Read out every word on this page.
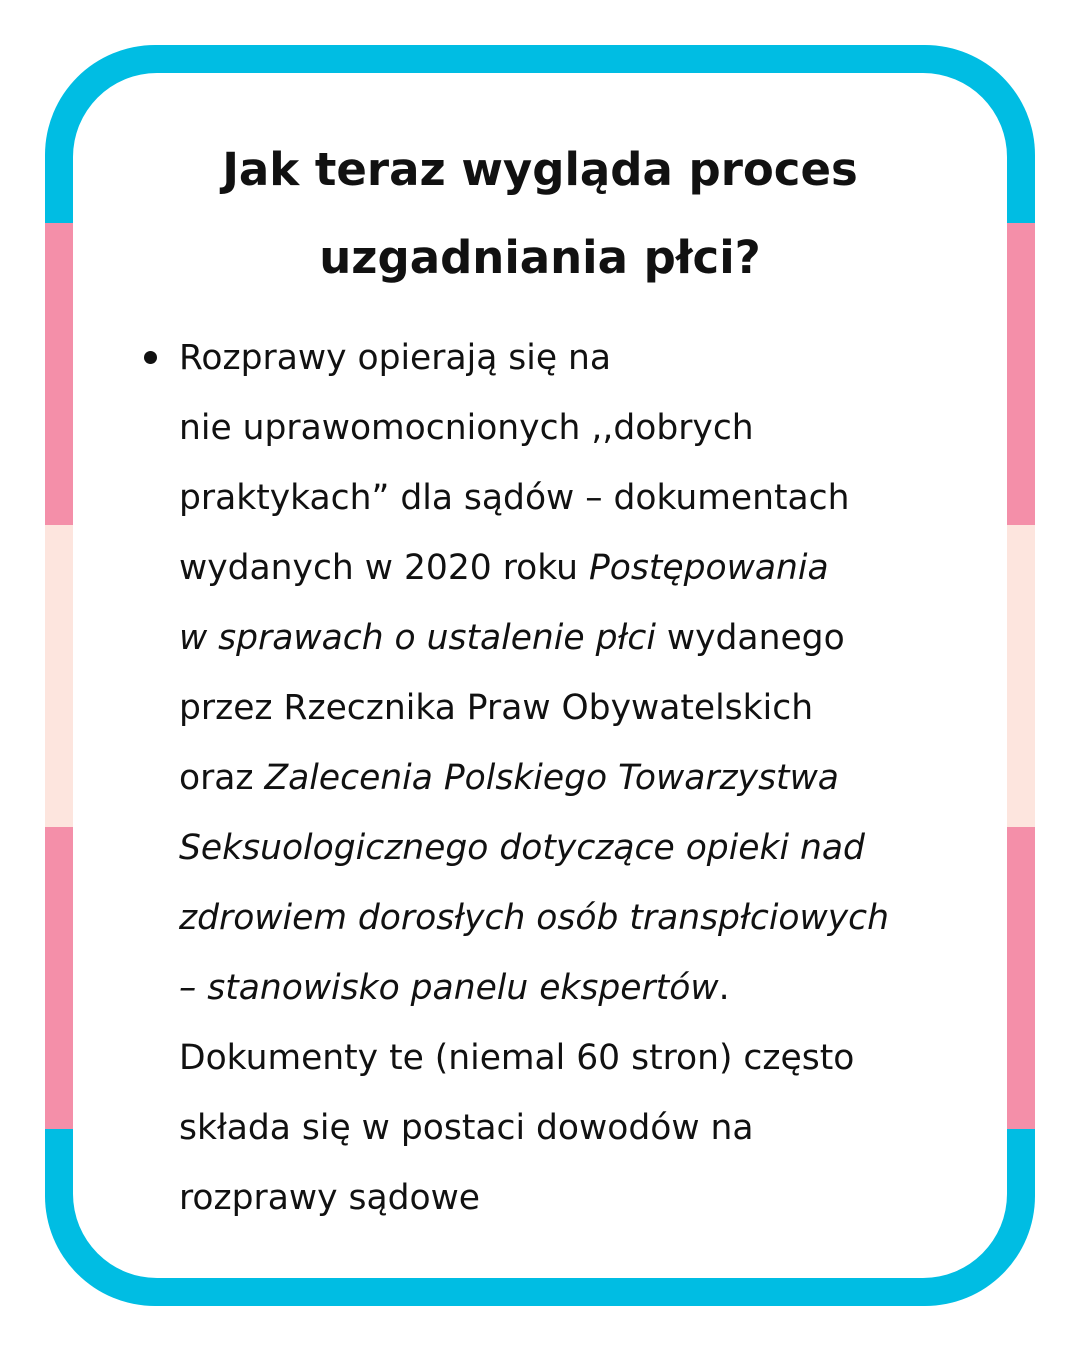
Jak teraz wygląda proces
uzgadniania płci?
Rozprawy opierają się na
nie uprawomocnionych ,,dobrych
praktykach” dla sądów – dokumentach
wydanych w 2020 roku Postępowania
w sprawach o ustalenie płci wydanego
przez Rzecznika Praw Obywatelskich
oraz Zalecenia Polskiego Towarzystwa
Seksuologicznego dotyczące opieki nad
zdrowiem dorosłych osób transpłciowych
– stanowisko panelu ekspertów.
Dokumenty te (niemal 60 stron) często
składa się w postaci dowodów na
rozprawy sądowe
